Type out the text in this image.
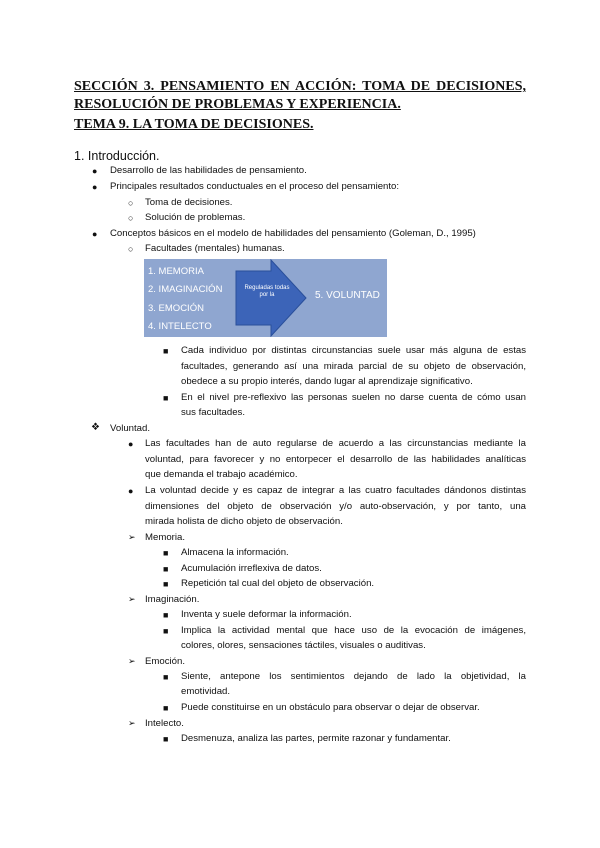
SECCIÓN 3. PENSAMIENTO EN ACCIÓN: TOMA DE DECISIONES,
RESOLUCIÓN DE PROBLEMAS Y EXPERIENCIA.
TEMA 9. LA TOMA DE DECISIONES.
1. Introducción.
● Desarrollo de las habilidades de pensamiento.
● Principales resultados conductuales en el proceso del pensamiento:
○ Toma de decisiones.
○ Solución de problemas.
● Conceptos básicos en el modelo de habilidades del pensamiento (Goleman, D., 1995)
○ Facultades (mentales) humanas.
1. MEMORIA
2. IMAGINACIÓN
3. EMOCIÓN
4. INTELECTO
Reguladas todas por la	5. VOLUNTAD
■ Cada individuo por distintas circunstancias suele usar más alguna de estas
facultades, generando así una mirada parcial de su objeto de observación,
obedece a su propio interés, dando lugar al aprendizaje significativo.
■ En el nivel pre-reflexivo las personas suelen no darse cuenta de cómo usan
sus facultades.
❖ Voluntad.
● Las facultades han de auto regularse de acuerdo a las circunstancias mediante la
voluntad, para favorecer y no entorpecer el desarrollo de las habilidades analíticas
que demanda el trabajo académico.
● La voluntad decide y es capaz de integrar a las cuatro facultades dándonos distintas
dimensiones del objeto de observación y/o auto-observación, y por tanto, una
mirada holista de dicho objeto de observación.
➢ Memoria.
■ Almacena la información.
■ Acumulación irreflexiva de datos.
■ Repetición tal cual del objeto de observación.
➢ Imaginación.
■ Inventa y suele deformar la información.
■ Implica la actividad mental que hace uso de la evocación de imágenes,
colores, olores, sensaciones táctiles, visuales o auditivas.
➢ Emoción.
■ Siente, antepone los sentimientos dejando de lado la objetividad, la
emotividad.
■ Puede constituirse en un obstáculo para observar o dejar de observar.
➢ Intelecto.
■ Desmenuza, analiza las partes, permite razonar y fundamentar.
